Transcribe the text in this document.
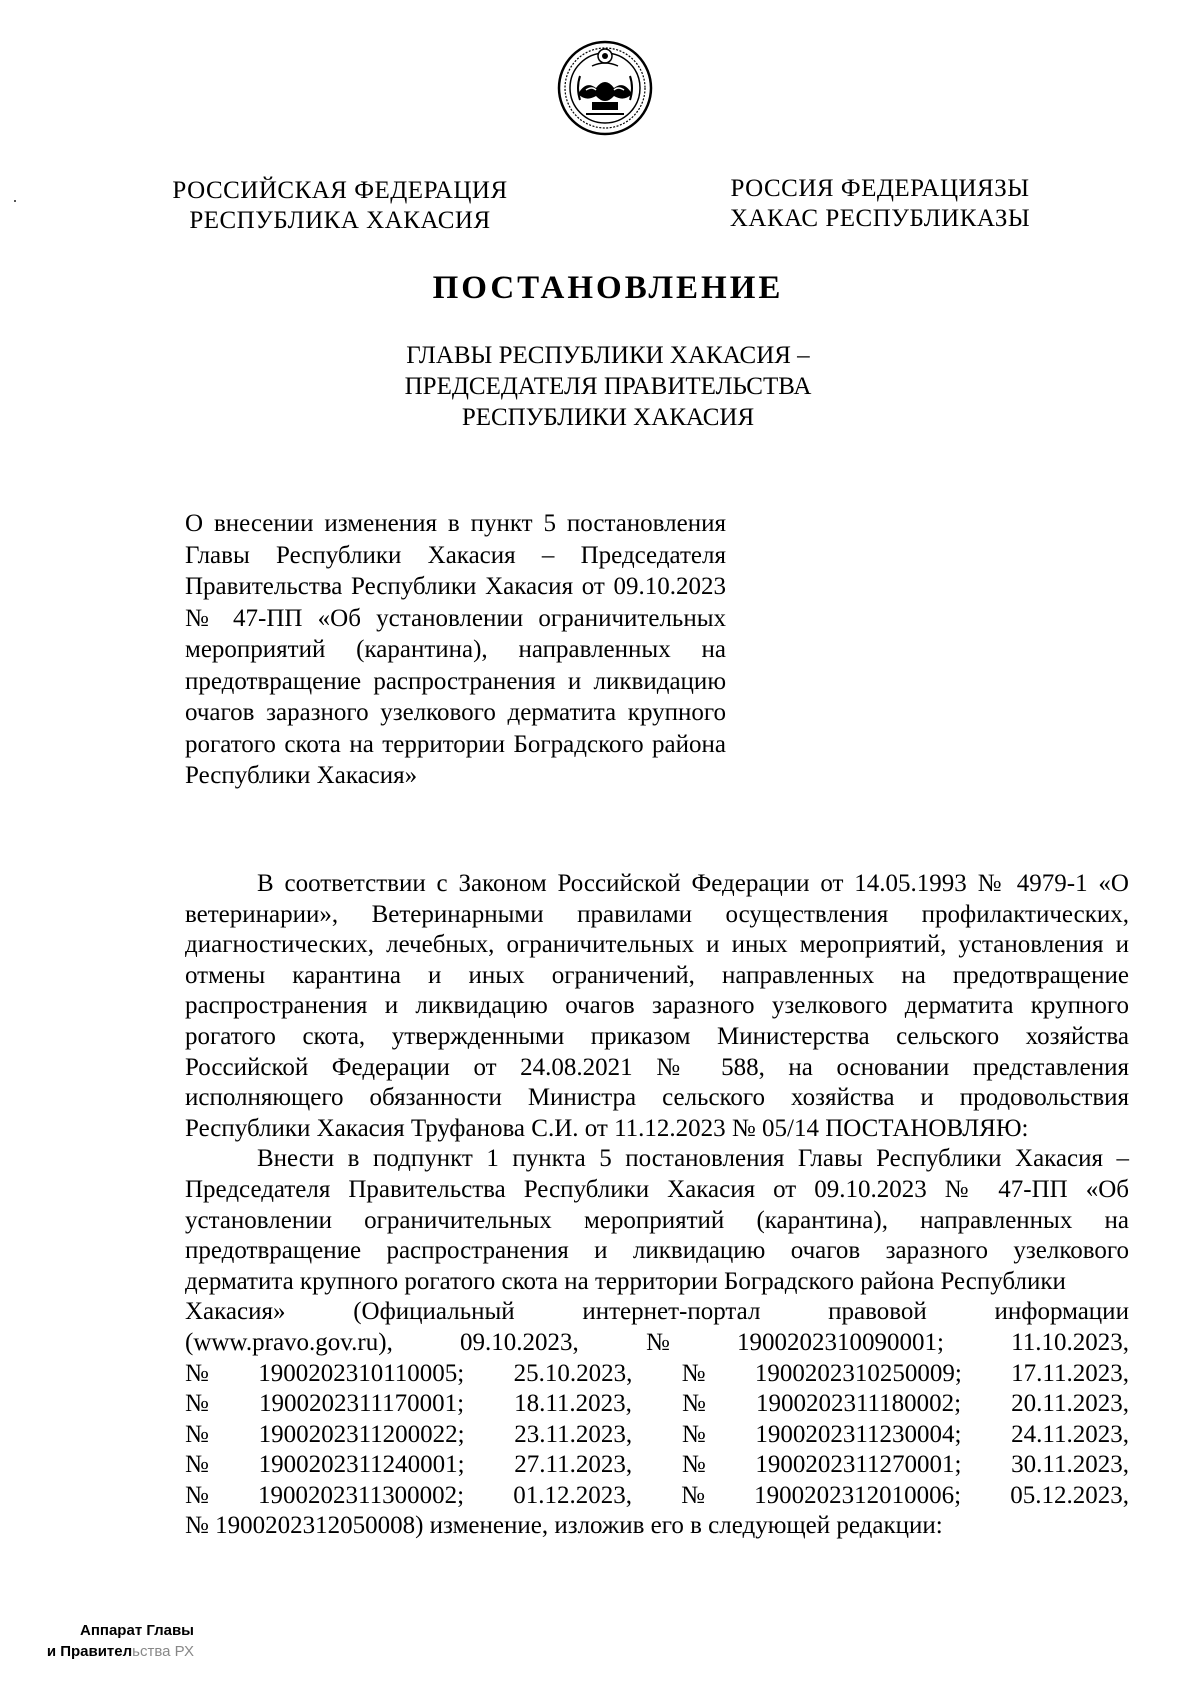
РОССИЙСКАЯ ФЕДЕРАЦИЯ
РЕСПУБЛИКА ХАКАСИЯ
РОССИЯ ФЕДЕРАЦИЯЗЫ
ХАКАС РЕСПУБЛИКАЗЫ
ПОСТАНОВЛЕНИЕ
ГЛАВЫ РЕСПУБЛИКИ ХАКАСИЯ –
ПРЕДСЕДАТЕЛЯ ПРАВИТЕЛЬСТВА
РЕСПУБЛИКИ ХАКАСИЯ
О внесении изменения в пункт 5 постановления Главы Республики Хакасия – Председателя Правительства Республики Хакасия от 09.10.2023 № 47-ПП «Об установлении ограничительных мероприятий (карантина), направленных на предотвращение распространения и ликвидацию очагов заразного узелкового дерматита крупного рогатого скота на территории Боградского района Республики Хакасия»

В соответствии с Законом Российской Федерации от 14.05.1993 № 4979-1 «О ветеринарии», Ветеринарными правилами осуществления профилактических, диагностических, лечебных, ограничительных и иных мероприятий, установления и отмены карантина и иных ограничений, направленных на предотвращение распространения и ликвидацию очагов заразного узелкового дерматита крупного рогатого скота, утвержденными приказом Министерства сельского хозяйства Российской Федерации от 24.08.2021 № 588, на основании представления исполняющего обязанности Министра сельского хозяйства и продовольствия Республики Хакасия Труфанова С.И. от 11.12.2023 № 05/14 ПОСТАНОВЛЯЮ:

Внести в подпункт 1 пункта 5 постановления Главы Республики Хакасия – Председателя Правительства Республики Хакасия от 09.10.2023 № 47-ПП «Об установлении ограничительных мероприятий (карантина), направленных на предотвращение распространения и ликвидацию очагов заразного узелкового дерматита крупного рогатого скота на территории Боградского района Республики

Хакасия»	(Официальный	интернет-портал	правовой	информации
(www.pravo.gov.ru),	09.10.2023,	№	1900202310090001;	11.10.2023,
№ 1900202310110005; 25.10.2023, № 1900202310250009; 17.11.2023,
№ 1900202311170001; 18.11.2023, № 1900202311180002; 20.11.2023,
№ 1900202311200022; 23.11.2023, № 1900202311230004; 24.11.2023,
№ 1900202311240001; 27.11.2023, № 1900202311270001; 30.11.2023,
№ 1900202311300002; 01.12.2023, № 1900202312010006; 05.12.2023,
№ 1900202312050008) изменение, изложив его в следующей редакции:
Аппарат Главы
и Правительства РХ
